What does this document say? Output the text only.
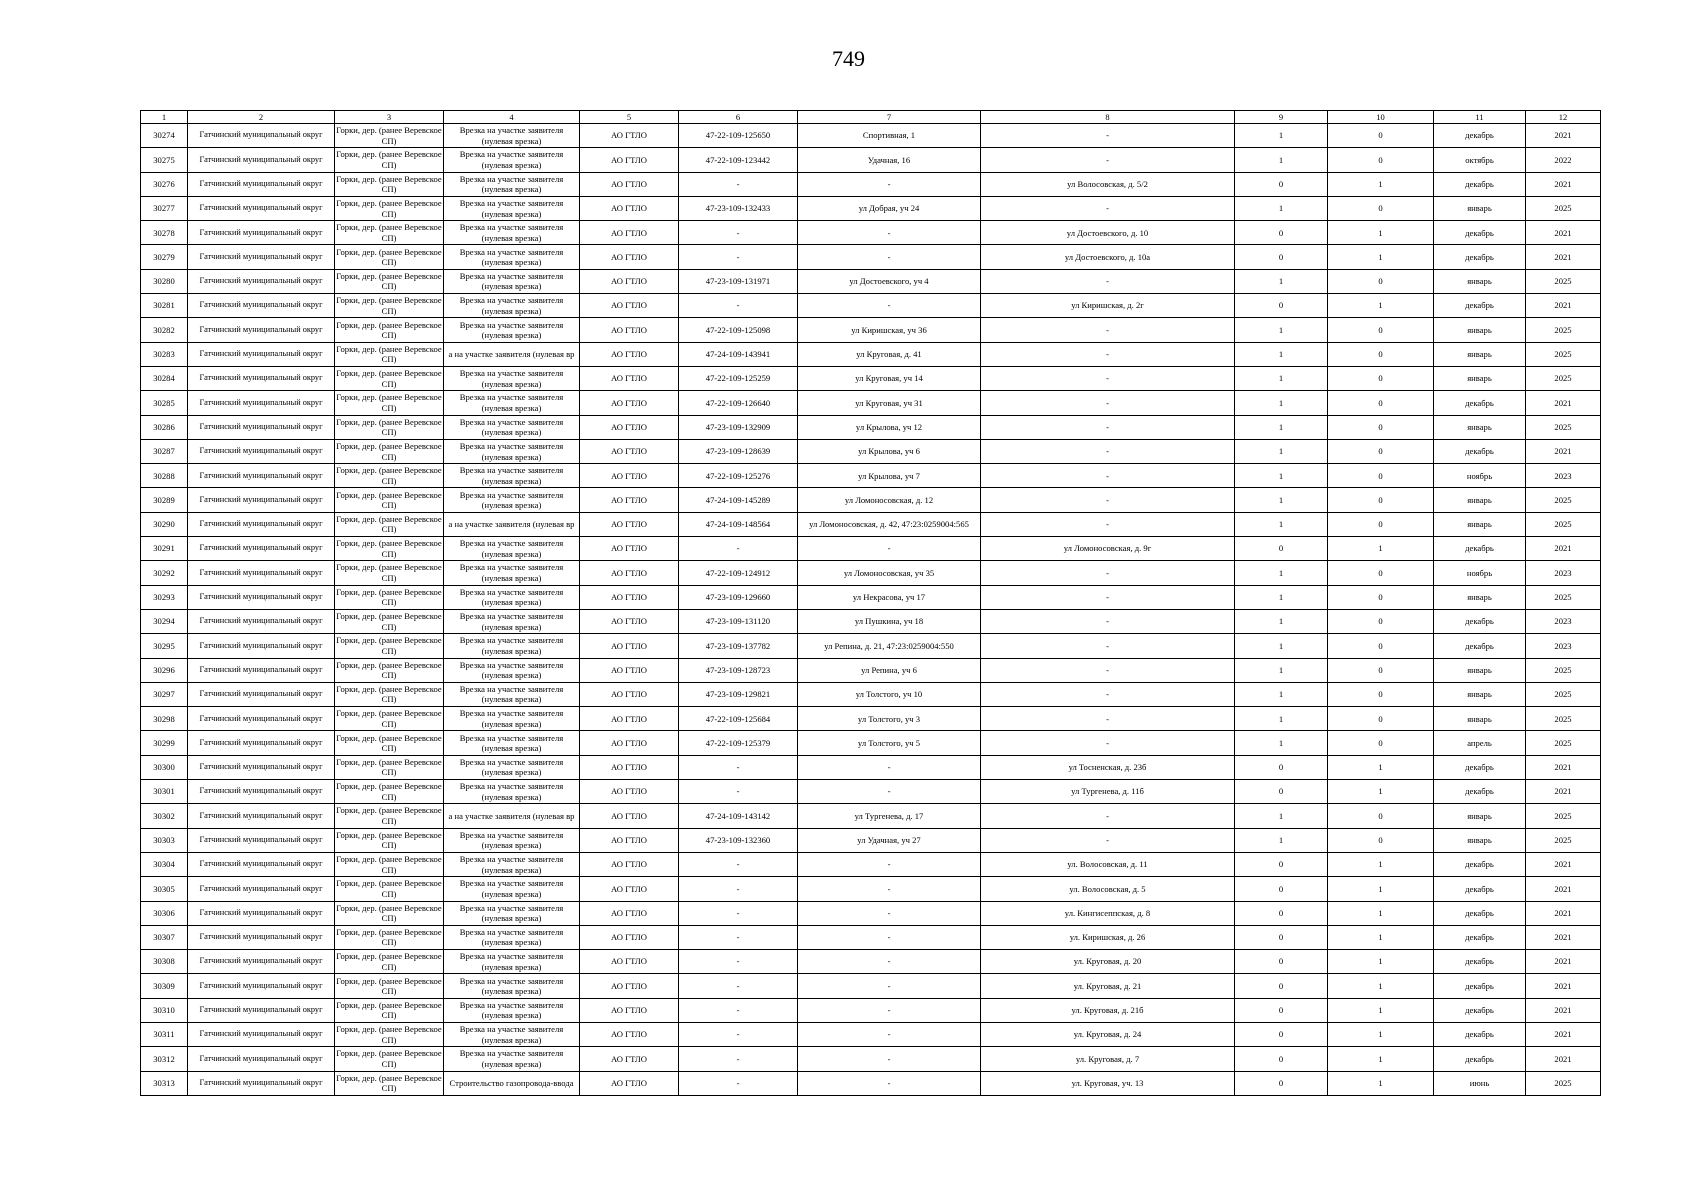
749
1	2	3	4	5	6	7	8	9	10	11	12
30274	Гатчинский муниципальный округ	Горки, дер. (ранее Веревское СП)	Врезка на участке заявителя (нулевая врезка)	АО ГТЛО	47-22-109-125650	Спортивная, 1	-	1	0	декабрь	2021
30275	Гатчинский муниципальный округ	Горки, дер. (ранее Веревское СП)	Врезка на участке заявителя (нулевая врезка)	АО ГТЛО	47-22-109-123442	Удачная, 16	-	1	0	октябрь	2022
30276	Гатчинский муниципальный округ	Горки, дер. (ранее Веревское СП)	Врезка на участке заявителя (нулевая врезка)	АО ГТЛО	-	-	ул Волосовская, д. 5/2	0	1	декабрь	2021
30277	Гатчинский муниципальный округ	Горки, дер. (ранее Веревское СП)	Врезка на участке заявителя (нулевая врезка)	АО ГТЛО	47-23-109-132433	ул Добрая, уч 24	-	1	0	январь	2025
30278	Гатчинский муниципальный округ	Горки, дер. (ранее Веревское СП)	Врезка на участке заявителя (нулевая врезка)	АО ГТЛО	-	-	ул Достоевского, д. 10	0	1	декабрь	2021
30279	Гатчинский муниципальный округ	Горки, дер. (ранее Веревское СП)	Врезка на участке заявителя (нулевая врезка)	АО ГТЛО	-	-	ул Достоевского, д. 10а	0	1	декабрь	2021
30280	Гатчинский муниципальный округ	Горки, дер. (ранее Веревское СП)	Врезка на участке заявителя (нулевая врезка)	АО ГТЛО	47-23-109-131971	ул Достоевского, уч 4	-	1	0	январь	2025
30281	Гатчинский муниципальный округ	Горки, дер. (ранее Веревское СП)	Врезка на участке заявителя (нулевая врезка)	АО ГТЛО	-	-	ул Киришская, д. 2г	0	1	декабрь	2021
30282	Гатчинский муниципальный округ	Горки, дер. (ранее Веревское СП)	Врезка на участке заявителя (нулевая врезка)	АО ГТЛО	47-22-109-125098	ул Киришская, уч 36	-	1	0	январь	2025
30283	Гатчинский муниципальный округ	Горки, дер. (ранее Веревское СП)	а на участке заявителя (нулевая вр	АО ГТЛО	47-24-109-143941	ул Круговая, д. 41	-	1	0	январь	2025
30284	Гатчинский муниципальный округ	Горки, дер. (ранее Веревское СП)	Врезка на участке заявителя (нулевая врезка)	АО ГТЛО	47-22-109-125259	ул Круговая, уч 14	-	1	0	январь	2025
30285	Гатчинский муниципальный округ	Горки, дер. (ранее Веревское СП)	Врезка на участке заявителя (нулевая врезка)	АО ГТЛО	47-22-109-126640	ул Круговая, уч 31	-	1	0	декабрь	2021
30286	Гатчинский муниципальный округ	Горки, дер. (ранее Веревское СП)	Врезка на участке заявителя (нулевая врезка)	АО ГТЛО	47-23-109-132909	ул Крылова, уч 12	-	1	0	январь	2025
30287	Гатчинский муниципальный округ	Горки, дер. (ранее Веревское СП)	Врезка на участке заявителя (нулевая врезка)	АО ГТЛО	47-23-109-128639	ул Крылова, уч 6	-	1	0	декабрь	2021
30288	Гатчинский муниципальный округ	Горки, дер. (ранее Веревское СП)	Врезка на участке заявителя (нулевая врезка)	АО ГТЛО	47-22-109-125276	ул Крылова, уч 7	-	1	0	ноябрь	2023
30289	Гатчинский муниципальный округ	Горки, дер. (ранее Веревское СП)	Врезка на участке заявителя (нулевая врезка)	АО ГТЛО	47-24-109-145289	ул Ломоносовская, д. 12	-	1	0	январь	2025
30290	Гатчинский муниципальный округ	Горки, дер. (ранее Веревское СП)	а на участке заявителя (нулевая вр	АО ГТЛО	47-24-109-148564	ул Ломоносовская, д. 42, 47:23:0259004:565	-	1	0	январь	2025
30291	Гатчинский муниципальный округ	Горки, дер. (ранее Веревское СП)	Врезка на участке заявителя (нулевая врезка)	АО ГТЛО	-	-	ул Ломоносовская, д. 9г	0	1	декабрь	2021
30292	Гатчинский муниципальный округ	Горки, дер. (ранее Веревское СП)	Врезка на участке заявителя (нулевая врезка)	АО ГТЛО	47-22-109-124912	ул Ломоносовская, уч 35	-	1	0	ноябрь	2023
30293	Гатчинский муниципальный округ	Горки, дер. (ранее Веревское СП)	Врезка на участке заявителя (нулевая врезка)	АО ГТЛО	47-23-109-129660	ул Некрасова, уч 17	-	1	0	январь	2025
30294	Гатчинский муниципальный округ	Горки, дер. (ранее Веревское СП)	Врезка на участке заявителя (нулевая врезка)	АО ГТЛО	47-23-109-131120	ул Пушкина, уч 18	-	1	0	декабрь	2023
30295	Гатчинский муниципальный округ	Горки, дер. (ранее Веревское СП)	Врезка на участке заявителя (нулевая врезка)	АО ГТЛО	47-23-109-137782	ул Репина, д. 21, 47:23:0259004:550	-	1	0	декабрь	2023
30296	Гатчинский муниципальный округ	Горки, дер. (ранее Веревское СП)	Врезка на участке заявителя (нулевая врезка)	АО ГТЛО	47-23-109-128723	ул Репина, уч 6	-	1	0	январь	2025
30297	Гатчинский муниципальный округ	Горки, дер. (ранее Веревское СП)	Врезка на участке заявителя (нулевая врезка)	АО ГТЛО	47-23-109-129821	ул Толстого, уч 10	-	1	0	январь	2025
30298	Гатчинский муниципальный округ	Горки, дер. (ранее Веревское СП)	Врезка на участке заявителя (нулевая врезка)	АО ГТЛО	47-22-109-125684	ул Толстого, уч 3	-	1	0	январь	2025
30299	Гатчинский муниципальный округ	Горки, дер. (ранее Веревское СП)	Врезка на участке заявителя (нулевая врезка)	АО ГТЛО	47-22-109-125379	ул Толстого, уч 5	-	1	0	апрель	2025
30300	Гатчинский муниципальный округ	Горки, дер. (ранее Веревское СП)	Врезка на участке заявителя (нулевая врезка)	АО ГТЛО	-	-	ул Тосненская, д. 23б	0	1	декабрь	2021
30301	Гатчинский муниципальный округ	Горки, дер. (ранее Веревское СП)	Врезка на участке заявителя (нулевая врезка)	АО ГТЛО	-	-	ул Тургенева, д. 11б	0	1	декабрь	2021
30302	Гатчинский муниципальный округ	Горки, дер. (ранее Веревское СП)	а на участке заявителя (нулевая вр	АО ГТЛО	47-24-109-143142	ул Тургенева, д. 17	-	1	0	январь	2025
30303	Гатчинский муниципальный округ	Горки, дер. (ранее Веревское СП)	Врезка на участке заявителя (нулевая врезка)	АО ГТЛО	47-23-109-132360	ул Удачная, уч 27	-	1	0	январь	2025
30304	Гатчинский муниципальный округ	Горки, дер. (ранее Веревское СП)	Врезка на участке заявителя (нулевая врезка)	АО ГТЛО	-	-	ул. Волосовская, д. 11	0	1	декабрь	2021
30305	Гатчинский муниципальный округ	Горки, дер. (ранее Веревское СП)	Врезка на участке заявителя (нулевая врезка)	АО ГТЛО	-	-	ул. Волосовская, д. 5	0	1	декабрь	2021
30306	Гатчинский муниципальный округ	Горки, дер. (ранее Веревское СП)	Врезка на участке заявителя (нулевая врезка)	АО ГТЛО	-	-	ул. Кингисеппская, д. 8	0	1	декабрь	2021
30307	Гатчинский муниципальный округ	Горки, дер. (ранее Веревское СП)	Врезка на участке заявителя (нулевая врезка)	АО ГТЛО	-	-	ул. Киришская, д. 26	0	1	декабрь	2021
30308	Гатчинский муниципальный округ	Горки, дер. (ранее Веревское СП)	Врезка на участке заявителя (нулевая врезка)	АО ГТЛО	-	-	ул. Круговая, д. 20	0	1	декабрь	2021
30309	Гатчинский муниципальный округ	Горки, дер. (ранее Веревское СП)	Врезка на участке заявителя (нулевая врезка)	АО ГТЛО	-	-	ул. Круговая, д. 21	0	1	декабрь	2021
30310	Гатчинский муниципальный округ	Горки, дер. (ранее Веревское СП)	Врезка на участке заявителя (нулевая врезка)	АО ГТЛО	-	-	ул. Круговая, д. 21б	0	1	декабрь	2021
30311	Гатчинский муниципальный округ	Горки, дер. (ранее Веревское СП)	Врезка на участке заявителя (нулевая врезка)	АО ГТЛО	-	-	ул. Круговая, д. 24	0	1	декабрь	2021
30312	Гатчинский муниципальный округ	Горки, дер. (ранее Веревское СП)	Врезка на участке заявителя (нулевая врезка)	АО ГТЛО	-	-	ул. Круговая, д. 7	0	1	декабрь	2021
30313	Гатчинский муниципальный округ	Горки, дер. (ранее Веревское СП)	Строительство газопровода-ввода	АО ГТЛО	-	-	ул. Круговая, уч. 13	0	1	июнь	2025
